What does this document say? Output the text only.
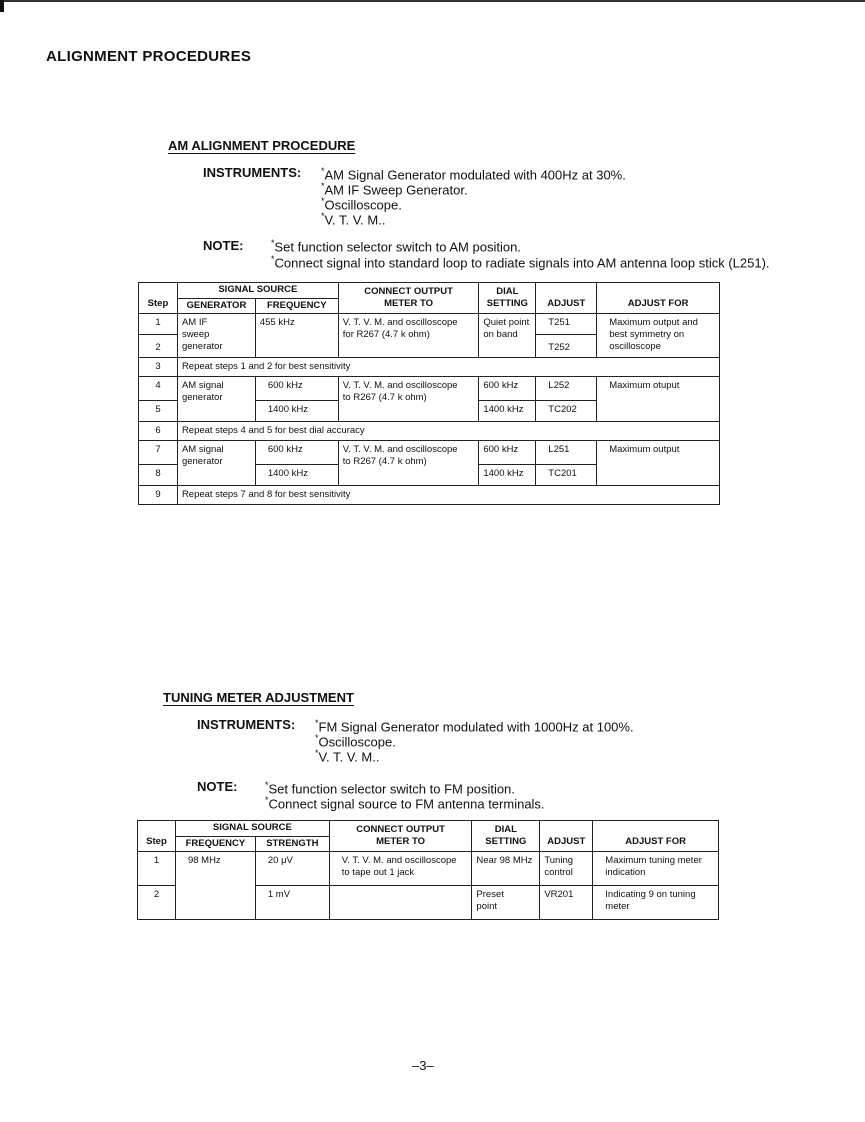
ALIGNMENT PROCEDURES
AM ALIGNMENT PROCEDURE
INSTRUMENTS: *AM Signal Generator modulated with 400Hz at 30%.
*AM IF Sweep Generator.
*Oscilloscope.
*V. T. V. M..
NOTE:	*Set function selector switch to AM position.
*Connect signal into standard loop to radiate signals into AM antenna loop stick (L251).
Step	SIGNAL SOURCE		CONNECT OUTPUT
METER TO	DIAL
SETTING	ADJUST	ADJUST FOR
	GENERATOR	FREQUENCY				
1	AM IF
sweep
generator	455 kHz	V. T. V. M. and oscilloscope
for R267 (4.7 k ohm)	Quiet point
on band	T251	Maximum output and
best symmetry on
oscilloscope
2					T252	
3	Repeat steps 1 and 2 for best sensitivity					
4	AM signal
generator	600 kHz	V. T. V. M. and oscilloscope
to R267 (4.7 k ohm)	600 kHz	L252	Maximum otuput
5		1400 kHz		1400 kHz	TC202	
6	Repeat steps 4 and 5 for best dial accuracy					
7	AM signal
generator	600 kHz	V. T. V. M. and oscilloscope
to R267 (4.7 k ohm)	600 kHz	L251	Maximum output
8		1400 kHz		1400 kHz	TC201	
9	Repeat steps 7 and 8 for best sensitivity					
TUNING METER ADJUSTMENT
INSTRUMENTS: *FM Signal Generator modulated with 1000Hz at 100%.
*Oscilloscope.
*V. T. V. M..
NOTE:	*Set function selector switch to FM position.
*Connect signal source to FM antenna terminals.
Step	SIGNAL SOURCE		CONNECT OUTPUT
METER TO	DIAL
SETTING	ADJUST	ADJUST FOR
	FREQUENCY	STRENGTH				
1	98 MHz	20 μV	V. T. V. M. and oscilloscope
to tape out 1 jack	Near 98 MHz	Tuning
control	Maximum tuning meter
indication
2		1 mV		Preset
point	VR201	Indicating 9 on tuning
meter
–3–
